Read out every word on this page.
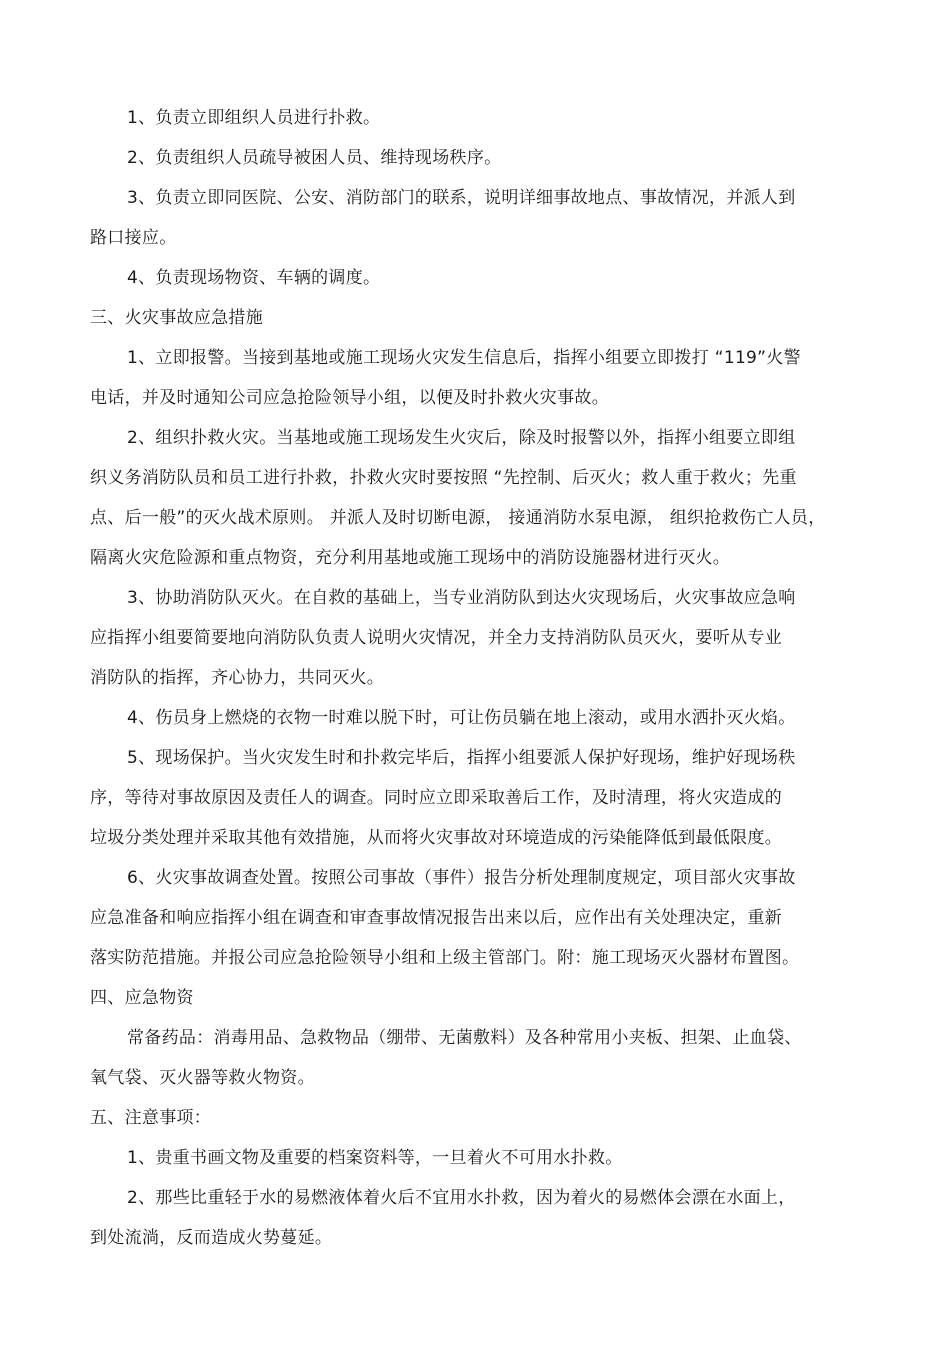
1、负责立即组织人员进行扑救。
2、负责组织人员疏导被困人员、维持现场秩序。
3、负责立即同医院、公安、消防部门的联系，说明详细事故地点、事故情况，并派人到
路口接应。
4、负责现场物资、车辆的调度。
三、火灾事故应急措施
1、立即报警。当接到基地或施工现场火灾发生信息后，指挥小组要立即拨打 “119”火警
电话，并及时通知公司应急抢险领导小组，以便及时扑救火灾事故。
2、组织扑救火灾。当基地或施工现场发生火灾后，除及时报警以外，指挥小组要立即组
织义务消防队员和员工进行扑救，扑救火灾时要按照 “先控制、后灭火；救人重于救火；先重
点、后一般”的灭火战术原则。 并派人及时切断电源， 接通消防水泵电源， 组织抢救伤亡人员，
隔离火灾危险源和重点物资，充分利用基地或施工现场中的消防设施器材进行灭火。
3、协助消防队灭火。在自救的基础上，当专业消防队到达火灾现场后，火灾事故应急响
应指挥小组要简要地向消防队负责人说明火灾情况，并全力支持消防队员灭火，要听从专业
消防队的指挥，齐心协力，共同灭火。
4、伤员身上燃烧的衣物一时难以脱下时，可让伤员躺在地上滚动，或用水洒扑灭火焰。
5、现场保护。当火灾发生时和扑救完毕后，指挥小组要派人保护好现场，维护好现场秩
序，等待对事故原因及责任人的调查。同时应立即采取善后工作，及时清理，将火灾造成的
垃圾分类处理并采取其他有效措施，从而将火灾事故对环境造成的污染能降低到最低限度。
6、火灾事故调查处置。按照公司事故（事件）报告分析处理制度规定，项目部火灾事故
应急准备和响应指挥小组在调查和审查事故情况报告出来以后，应作出有关处理决定，重新
落实防范措施。并报公司应急抢险领导小组和上级主管部门。附：施工现场灭火器材布置图。
四、应急物资
常备药品：消毒用品、急救物品（绷带、无菌敷料）及各种常用小夹板、担架、止血袋、
氧气袋、灭火器等救火物资。
五、注意事项：
1、贵重书画文物及重要的档案资料等，一旦着火不可用水扑救。
2、那些比重轻于水的易燃液体着火后不宜用水扑救，因为着火的易燃体会漂在水面上，
到处流淌，反而造成火势蔓延。
